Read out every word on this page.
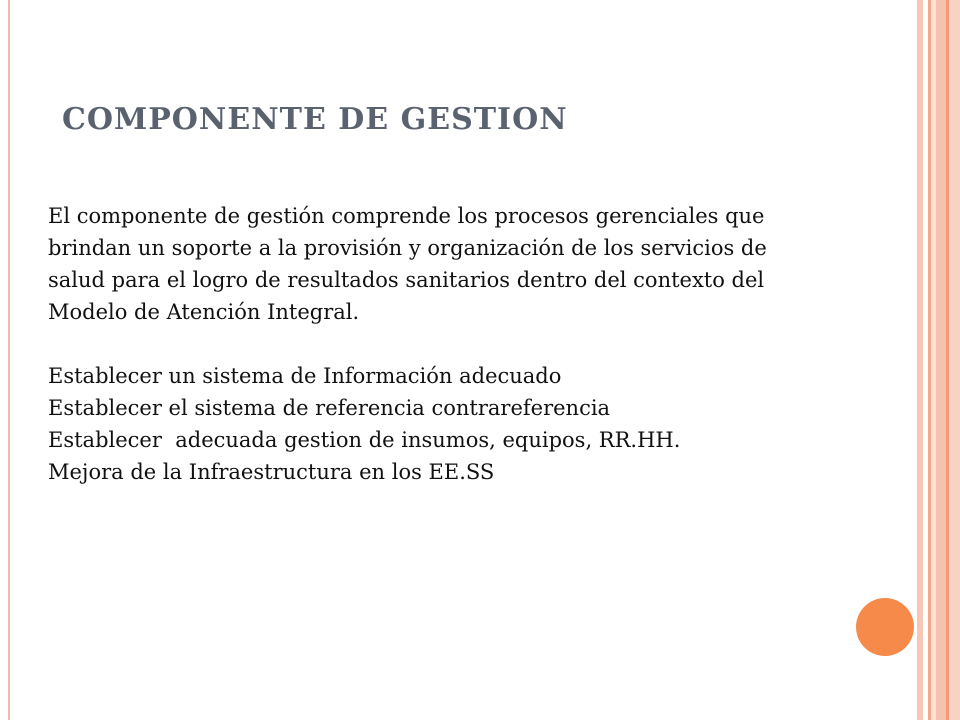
COMPONENTE DE GESTION

El componente de gestión comprende los procesos gerenciales que

brindan un soporte a la provisión y organización de los servicios de

salud para el logro de resultados sanitarios dentro del contexto del

Modelo de Atención Integral.

Establecer un sistema de Información adecuado

Establecer el sistema de referencia contrareferencia

Establecer  adecuada gestion de insumos, equipos, RR.HH.

Mejora de la Infraestructura en los EE.SS
